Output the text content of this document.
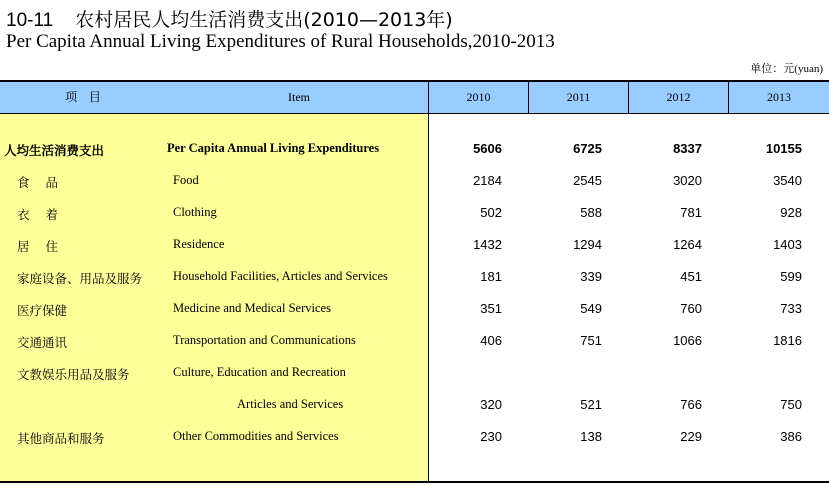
10-11 农村居民人均生活消费支出(2010—2013年)
Per Capita Annual Living Expenditures of Rural Households,2010-2013
单位：元(yuan)
项 目	Item	2010	2011	2012	2013
人均生活消费支出	Per Capita Annual Living Expenditures	5606	6725	8337	10155
食 品	Food	2184	2545	3020	3540
衣 着	Clothing	502	588	781	928
居 住	Residence	1432	1294	1264	1403
家庭设备、用品及服务 Household Facilities, Articles and Services	181	339	451	599
医疗保健	Medicine and Medical Services	351	549	760	733
交通通讯	Transportation and Communications	406	751	1066	1816
文教娱乐用品及服务	Culture, Education and Recreation
Articles and Services	320	521	766	750
其他商品和服务	Other Commodities and Services	230	138	229	386
